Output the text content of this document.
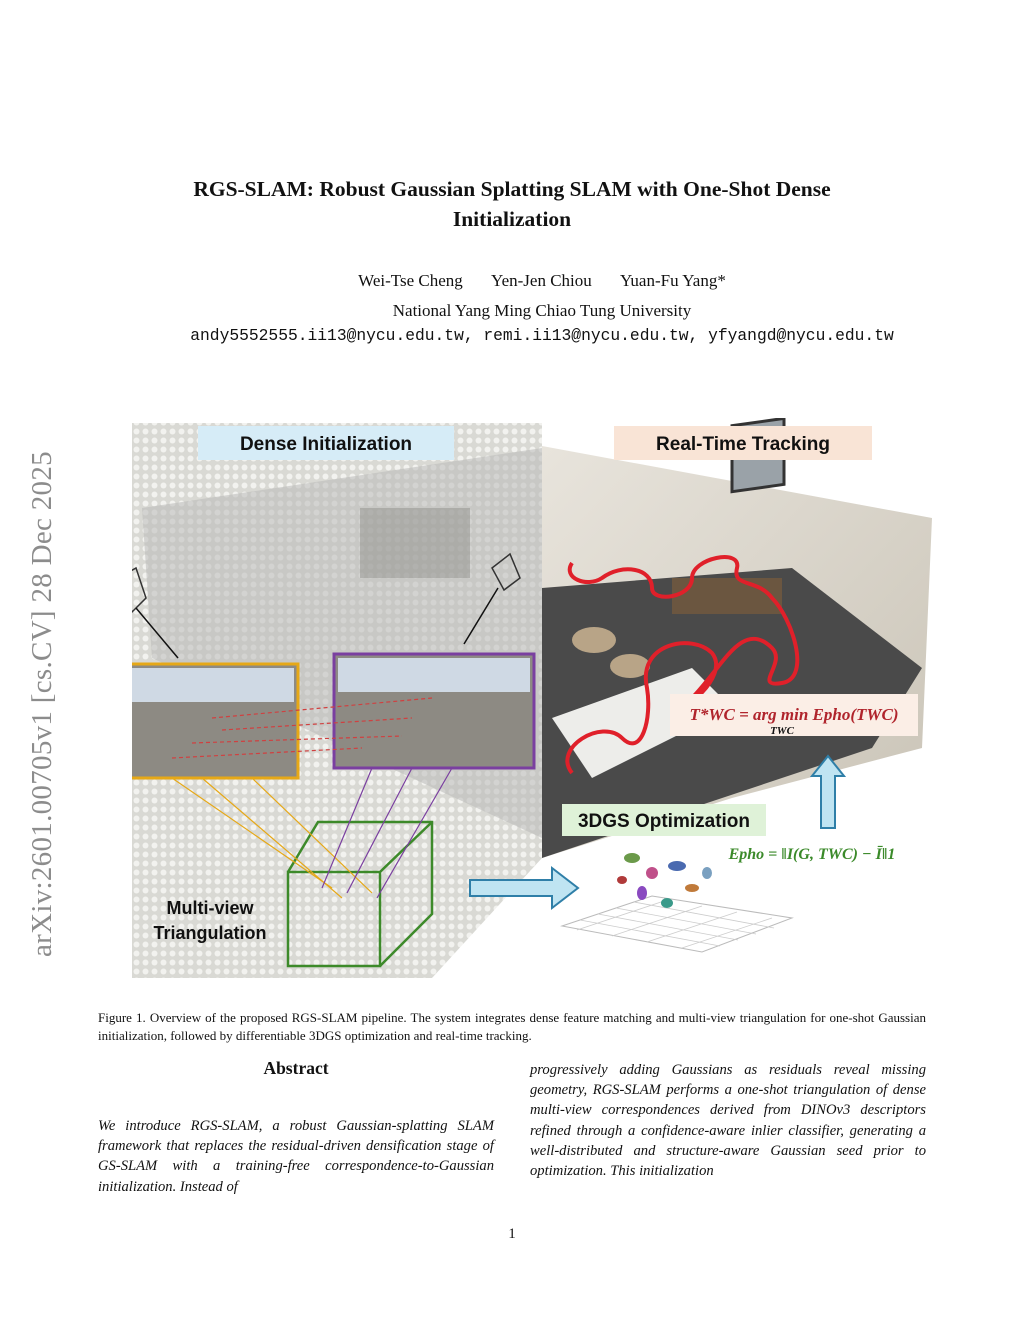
RGS-SLAM: Robust Gaussian Splatting SLAM with One-Shot Dense
Initialization
Wei-Tse Cheng Yen-Jen Chiou Yuan-Fu Yang*
National Yang Ming Chiao Tung University
andy5552555.ii13@nycu.edu.tw, remi.ii13@nycu.edu.tw, yfyangd@nycu.edu.tw
arXiv:2601.00705v1 [cs.CV] 28 Dec 2025
Dense Initialization	Real-Time Tracking
T*WC = arg min Epho(TWC)
TWC
3DGS Optimization
Epho = ‖I(G, TWC) − Ī‖1
Multi-view
Triangulation
Figure 1. Overview of the proposed RGS-SLAM pipeline. The system integrates dense feature matching and multi-view triangulation for one-shot Gaussian initialization, followed by differentiable 3DGS optimization and real-time tracking.
Abstract
We introduce RGS-SLAM, a robust Gaussian-splatting SLAM framework that replaces the residual-driven densification stage of GS-SLAM with a training-free correspondence-to-Gaussian initialization. Instead of
progressively adding Gaussians as residuals reveal missing geometry, RGS-SLAM performs a one-shot triangulation of dense multi-view correspondences derived from DINOv3 descriptors refined through a confidence-aware inlier classifier, generating a well-distributed and structure-aware Gaussian seed prior to optimization. This initialization
1
